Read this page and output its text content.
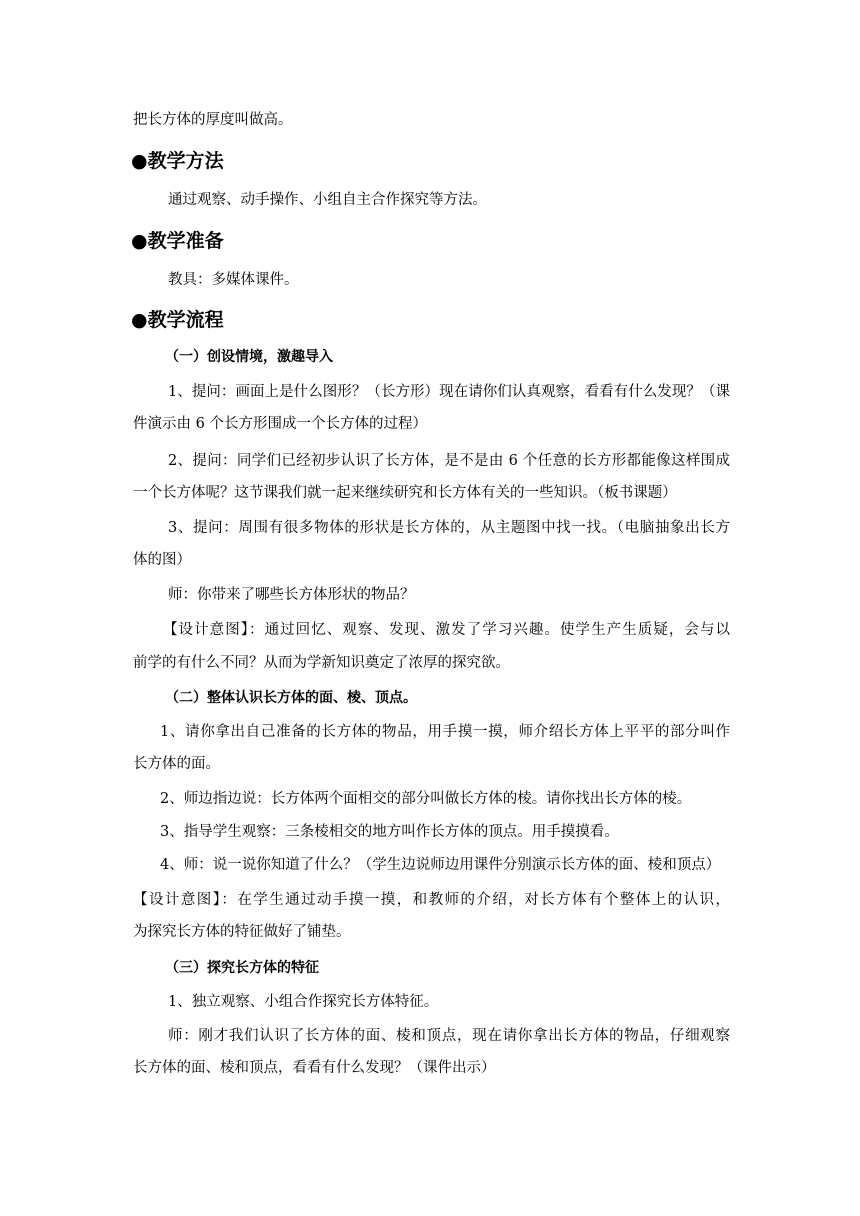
把长方体的厚度叫做高。
●教学方法
通过观察、动手操作、小组自主合作探究等方法。
●教学准备
教具：多媒体课件。
●教学流程
（一）创设情境，激趣导入
1、提问：画面上是什么图形？（长方形）现在请你们认真观察，看看有什么发现？（课
件演示由 6 个长方形围成一个长方体的过程）
2、提问：同学们已经初步认识了长方体，是不是由 6 个任意的长方形都能像这样围成
一个长方体呢？这节课我们就一起来继续研究和长方体有关的一些知识。（板书课题）
3、提问：周围有很多物体的形状是长方体的，从主题图中找一找。（电脑抽象出长方
体的图）
师：你带来了哪些长方体形状的物品？
【设计意图】：通过回忆、观察、发现、激发了学习兴趣。使学生产生质疑，会与以
前学的有什么不同？从而为学新知识奠定了浓厚的探究欲。
（二）整体认识长方体的面、棱、顶点。
1、请你拿出自己准备的长方体的物品，用手摸一摸，师介绍长方体上平平的部分叫作
长方体的面。
2、师边指边说：长方体两个面相交的部分叫做长方体的棱。请你找出长方体的棱。
3、指导学生观察：三条棱相交的地方叫作长方体的顶点。用手摸摸看。
4、师：说一说你知道了什么？（学生边说师边用课件分别演示长方体的面、棱和顶点）
【设计意图】：在学生通过动手摸一摸，和教师的介绍，对长方体有个整体上的认识，
为探究长方体的特征做好了铺垫。
（三）探究长方体的特征
1、独立观察、小组合作探究长方体特征。
师：刚才我们认识了长方体的面、棱和顶点，现在请你拿出长方体的物品，仔细观察
长方体的面、棱和顶点，看看有什么发现？（课件出示）
